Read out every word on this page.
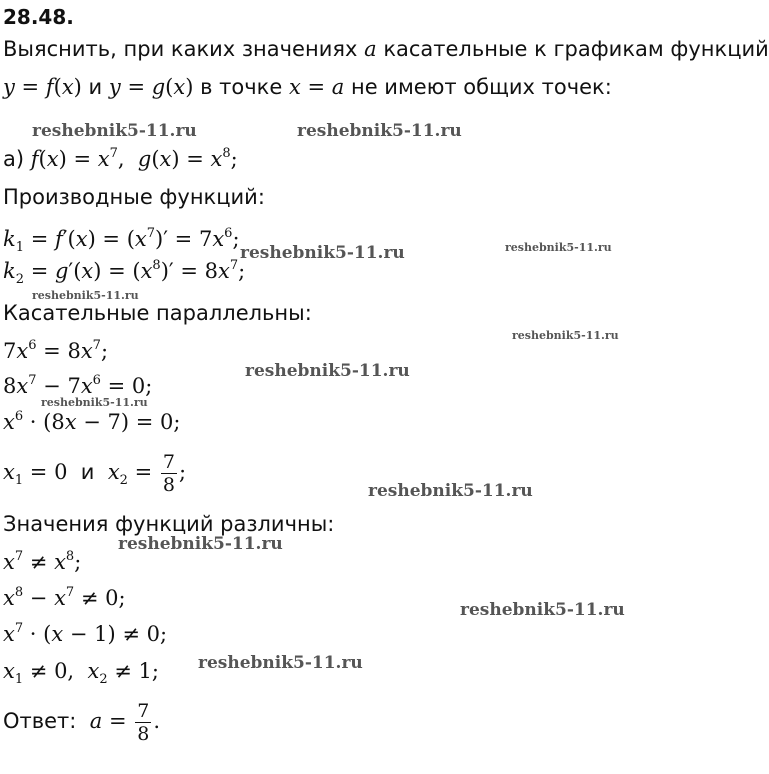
28.48.
Выяснить, при каких значениях a касательные к графикам функций
y = f(x) и y = g(x) в точке x = a не имеют общих точек:
а) $f(x) = x^7$,  $g(x) = x^8$;
Производные функций:
$k_1 = f'(x) = (x^7)' = 7x^6$;
$k_2 = g'(x) = (x^8)' = 8x^7$;
Касательные параллельны:
$7x^6 = 8x^7$;
$8x^7 - 7x^6 = 0$;
$x^6 \cdot (8x - 7) = 0$;
$x_1 = 0$ и $x_2 = \frac{7}{8}$ ;
Значения функций различны:
$x^7 \ne x^8$;
$x^8 - x^7 \ne 0$;
$x^7 \cdot (x - 1) \ne 0$;
$x_1 \ne 0$,  $x_2 \ne 1$;
Ответ: $a = \frac{7}{8}$ .
reshebnik5-11.ru	reshebnik5-11.ru
reshebnik5-11.ru	reshebnik5-11.ru
reshebnik5-11.ru
reshebnik5-11.ru
reshebnik5-11.ru
reshebnik5-11.ru
reshebnik5-11.ru
reshebnik5-11.ru
reshebnik5-11.ru
reshebnik5-11.ru
